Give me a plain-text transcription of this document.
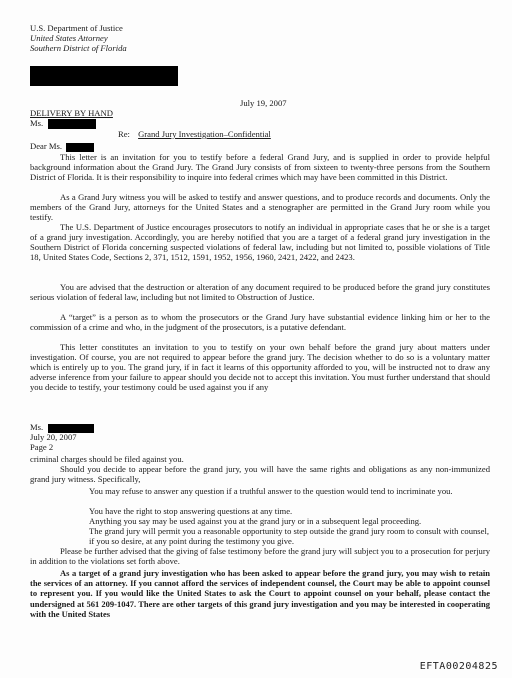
U.S. Department of Justice
United States Attorney
Southern District of Florida
July 19, 2007
DELIVERY BY HAND
Ms.
Re: Grand Jury Investigation–Confidential
Dear Ms.
This letter is an invitation for you to testify before a federal Grand Jury, and is supplied in order to provide helpful background information about the Grand Jury. The Grand Jury consists of from sixteen to twenty-three persons from the Southern District of Florida. It is their responsibility to inquire into federal crimes which may have been committed in this District.
As a Grand Jury witness you will be asked to testify and answer questions, and to produce records and documents. Only the members of the Grand Jury, attorneys for the United States and a stenographer are permitted in the Grand Jury room while you testify.
The U.S. Department of Justice encourages prosecutors to notify an individual in appropriate cases that he or she is a target of a grand jury investigation. Accordingly, you are hereby notified that you are a target of a federal grand jury investigation in the Southern District of Florida concerning suspected violations of federal law, including but not limited to, possible violations of Title 18, United States Code, Sections 2, 371, 1512, 1591, 1952, 1956, 1960, 2421, 2422, and 2423.
You are advised that the destruction or alteration of any document required to be produced before the grand jury constitutes serious violation of federal law, including but not limited to Obstruction of Justice.
A “target” is a person as to whom the prosecutors or the Grand Jury have substantial evidence linking him or her to the commission of a crime and who, in the judgment of the prosecutors, is a putative defendant.
This letter constitutes an invitation to you to testify on your own behalf before the grand jury about matters under investigation. Of course, you are not required to appear before the grand jury. The decision whether to do so is a voluntary matter which is entirely up to you. The grand jury, if in fact it learns of this opportunity afforded to you, will be instructed not to draw any adverse inference from your failure to appear should you decide not to accept this invitation. You must further understand that should you decide to testify, your testimony could be used against you if any
Ms.
July 20, 2007
Page 2
criminal charges should be filed against you.
Should you decide to appear before the grand jury, you will have the same rights and obligations as any non-immunized grand jury witness. Specifically,
You may refuse to answer any question if a truthful answer to the question would tend to incriminate you.
You have the right to stop answering questions at any time.
Anything you say may be used against you at the grand jury or in a subsequent legal proceeding.
The grand jury will permit you a reasonable opportunity to step outside the grand jury room to consult with counsel, if you so desire, at any point during the testimony you give.
Please be further advised that the giving of false testimony before the grand jury will subject you to a prosecution for perjury in addition to the violations set forth above.
As a target of a grand jury investigation who has been asked to appear before the grand jury, you may wish to retain the services of an attorney. If you cannot afford the services of independent counsel, the Court may be able to appoint counsel to represent you. If you would like the United States to ask the Court to appoint counsel on your behalf, please contact the undersigned at 561 209-1047. There are other targets of this grand jury investigation and you may be interested in cooperating with the United States
EFTA00204825
